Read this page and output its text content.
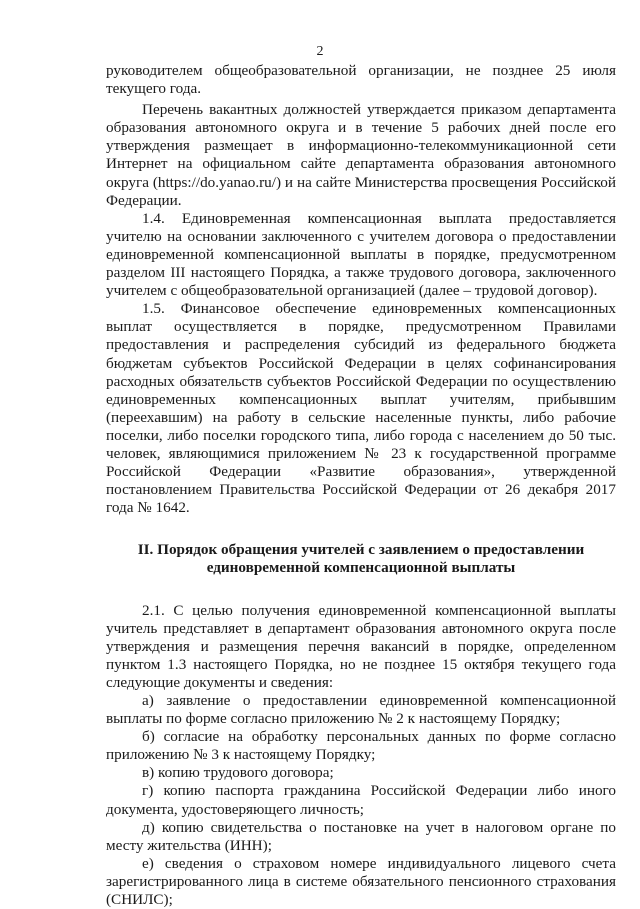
2

руководителем общеобразовательной организации, не позднее 25 июля текущего года.

Перечень вакантных должностей утверждается приказом департамента образования автономного округа и в течение 5 рабочих дней после его утверждения размещает в информационно-телекоммуникационной сети Интернет на официальном сайте департамента образования автономного округа (https://do.yanao.ru/) и на сайте Министерства просвещения Российской Федерации.

1.4. Единовременная компенсационная выплата предоставляется учителю на основании заключенного с учителем договора о предоставлении единовременной компенсационной выплаты в порядке, предусмотренном разделом III настоящего Порядка, а также трудового договора, заключенного учителем с общеобразовательной организацией (далее – трудовой договор).

1.5. Финансовое обеспечение единовременных компенсационных выплат осуществляется в порядке, предусмотренном Правилами предоставления и распределения субсидий из федерального бюджета бюджетам субъектов Российской Федерации в целях софинансирования расходных обязательств субъектов Российской Федерации по осуществлению единовременных компенсационных выплат учителям, прибывшим (переехавшим) на работу в сельские населенные пункты, либо рабочие поселки, либо поселки городского типа, либо города с населением до 50 тыс. человек, являющимися приложением № 23 к государственной программе Российской Федерации «Развитие образования», утвержденной постановлением Правительства Российской Федерации от 26 декабря 2017 года № 1642.

II. Порядок обращения учителей с заявлением о предоставлении
единовременной компенсационной выплаты

2.1. С целью получения единовременной компенсационной выплаты учитель представляет в департамент образования автономного округа после утверждения и размещения перечня вакансий в порядке, определенном пунктом 1.3 настоящего Порядка, но не позднее 15 октября текущего года следующие документы и сведения:

а) заявление о предоставлении единовременной компенсационной выплаты по форме согласно приложению № 2 к настоящему Порядку;

б) согласие на обработку персональных данных по форме согласно приложению № 3 к настоящему Порядку;

в) копию трудового договора;

г) копию паспорта гражданина Российской Федерации либо иного документа, удостоверяющего личность;

д) копию свидетельства о постановке на учет в налоговом органе по месту жительства (ИНН);

е) сведения о страховом номере индивидуального лицевого счета зарегистрированного лица в системе обязательного пенсионного страхования (СНИЛС);
